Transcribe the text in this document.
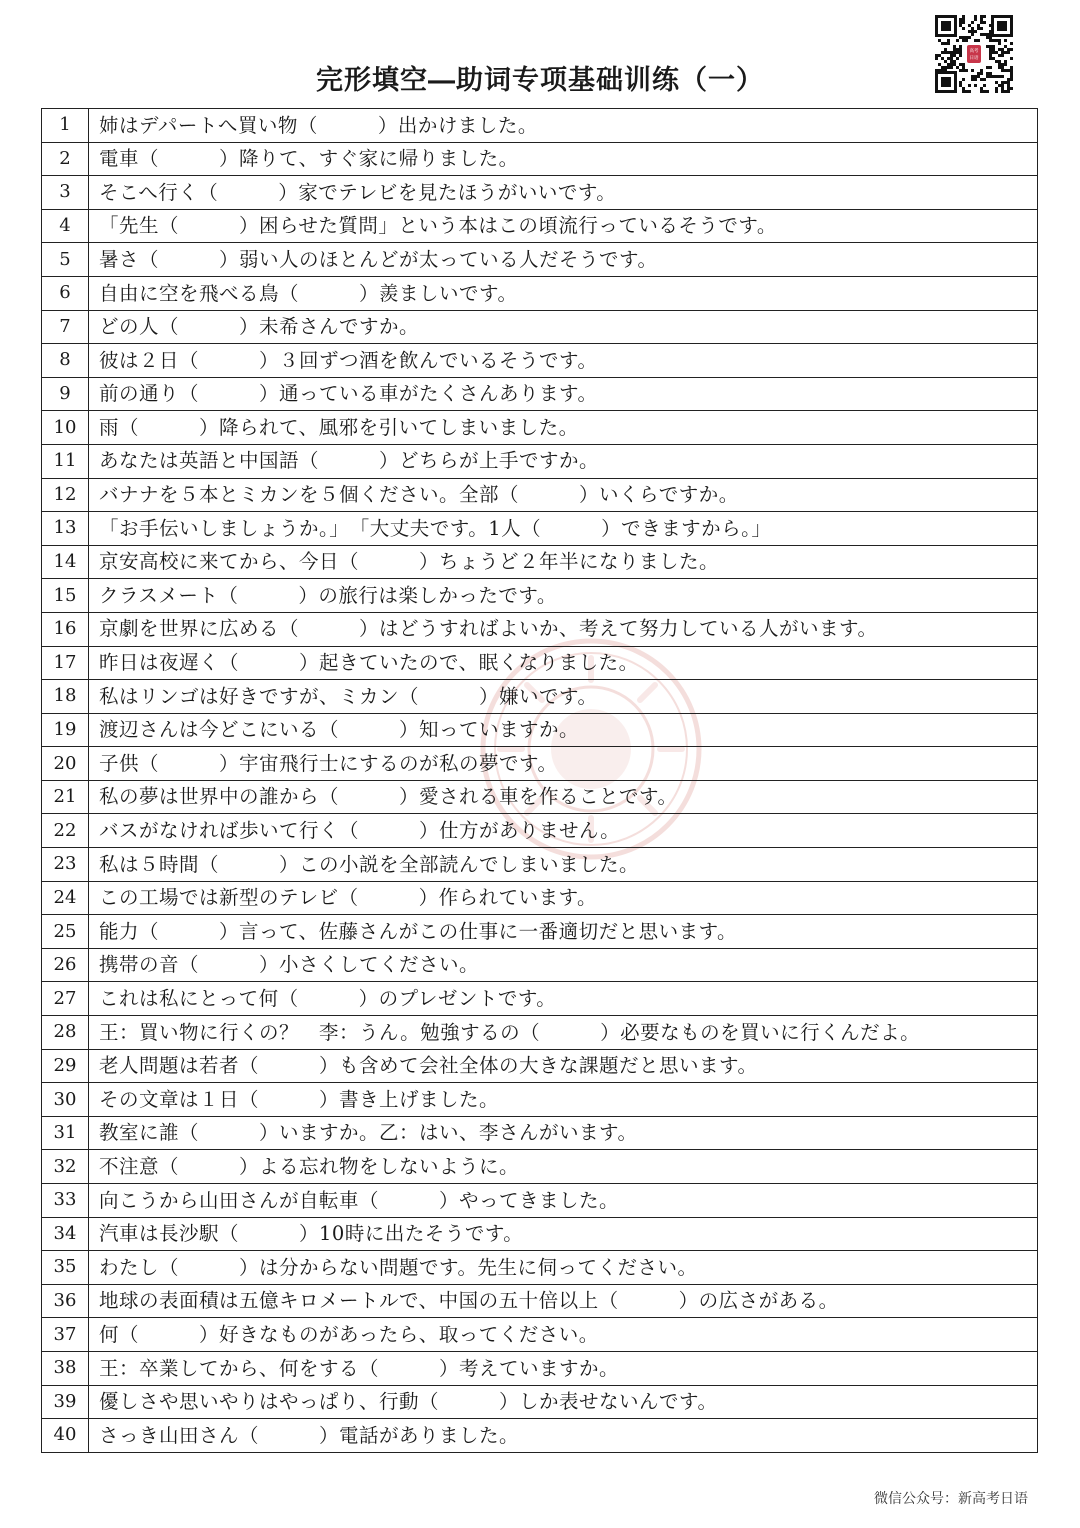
完形填空―助词专项基础训练（一）
高考
日语
1	姉はデパートへ買い物（　　　）出かけました。
2	電車（　　　）降りて、すぐ家に帰りました。
3	そこへ行く（　　　）家でテレビを見たほうがいいです。
4	「先生（　　　）困らせた質問」という本はこの頃流行っているそうです。
5	暑さ（　　　）弱い人のほとんどが太っている人だそうです。
6	自由に空を飛べる鳥（　　　）羨ましいです。
7	どの人（　　　）未希さんですか。
8	彼は２日（　　　）３回ずつ酒を飲んでいるそうです。
9	前の通り（　　　）通っている車がたくさんあります。
10	雨（　　　）降られて、風邪を引いてしまいました。
11	あなたは英語と中国語（　　　）どちらが上手ですか。
12	バナナを５本とミカンを５個ください。全部（　　　）いくらですか。
13	「お手伝いしましょうか。」　「大丈夫です。1人（　　　）できますから。」
14	京安高校に来てから、今日（　　　）ちょうど２年半になりました。
15	クラスメート（　　　）の旅行は楽しかったです。
16	京劇を世界に広める（　　　）はどうすればよいか、考えて努力している人がいます。
17	昨日は夜遅く（　　　）起きていたので、眠くなりました。
18	私はリンゴは好きですが、ミカン（　　　）嫌いです。
19	渡辺さんは今どこにいる（　　　）知っていますか。
20	子供（　　　）宇宙飛行士にするのが私の夢です。
21	私の夢は世界中の誰から（　　　）愛される車を作ることです。
22	バスがなければ歩いて行く（　　　）仕方がありません。
23	私は５時間（　　　）この小説を全部読んでしまいました。
24	この工場では新型のテレビ（　　　）作られています。
25	能力（　　　）言って、佐藤さんがこの仕事に一番適切だと思います。
26	携帯の音（　　　）小さくしてください。
27	これは私にとって何（　　　）のプレゼントです。
28	王：買い物に行くの？　李：うん。勉強するの（　　　）必要なものを買いに行くんだよ。
29	老人問題は若者（　　　）も含めて会社全体の大きな課題だと思います。
30	その文章は１日（　　　）書き上げました。
31	教室に誰（　　　）いますか。乙：はい、李さんがいます。
32	不注意（　　　）よる忘れ物をしないように。
33	向こうから山田さんが自転車（　　　）やってきました。
34	汽車は長沙駅（　　　）10時に出たそうです。
35	わたし（　　　）は分からない問題です。先生に伺ってください。
36	地球の表面積は五億キロメートルで、中国の五十倍以上（　　　）の広さがある。
37	何（　　　）好きなものがあったら、取ってください。
38	王：卒業してから、何をする（　　　）考えていますか。
39	優しさや思いやりはやっぱり、行動（　　　）しか表せないんです。
40	さっき山田さん（　　　）電話がありました。
微信公众号：新高考日语
